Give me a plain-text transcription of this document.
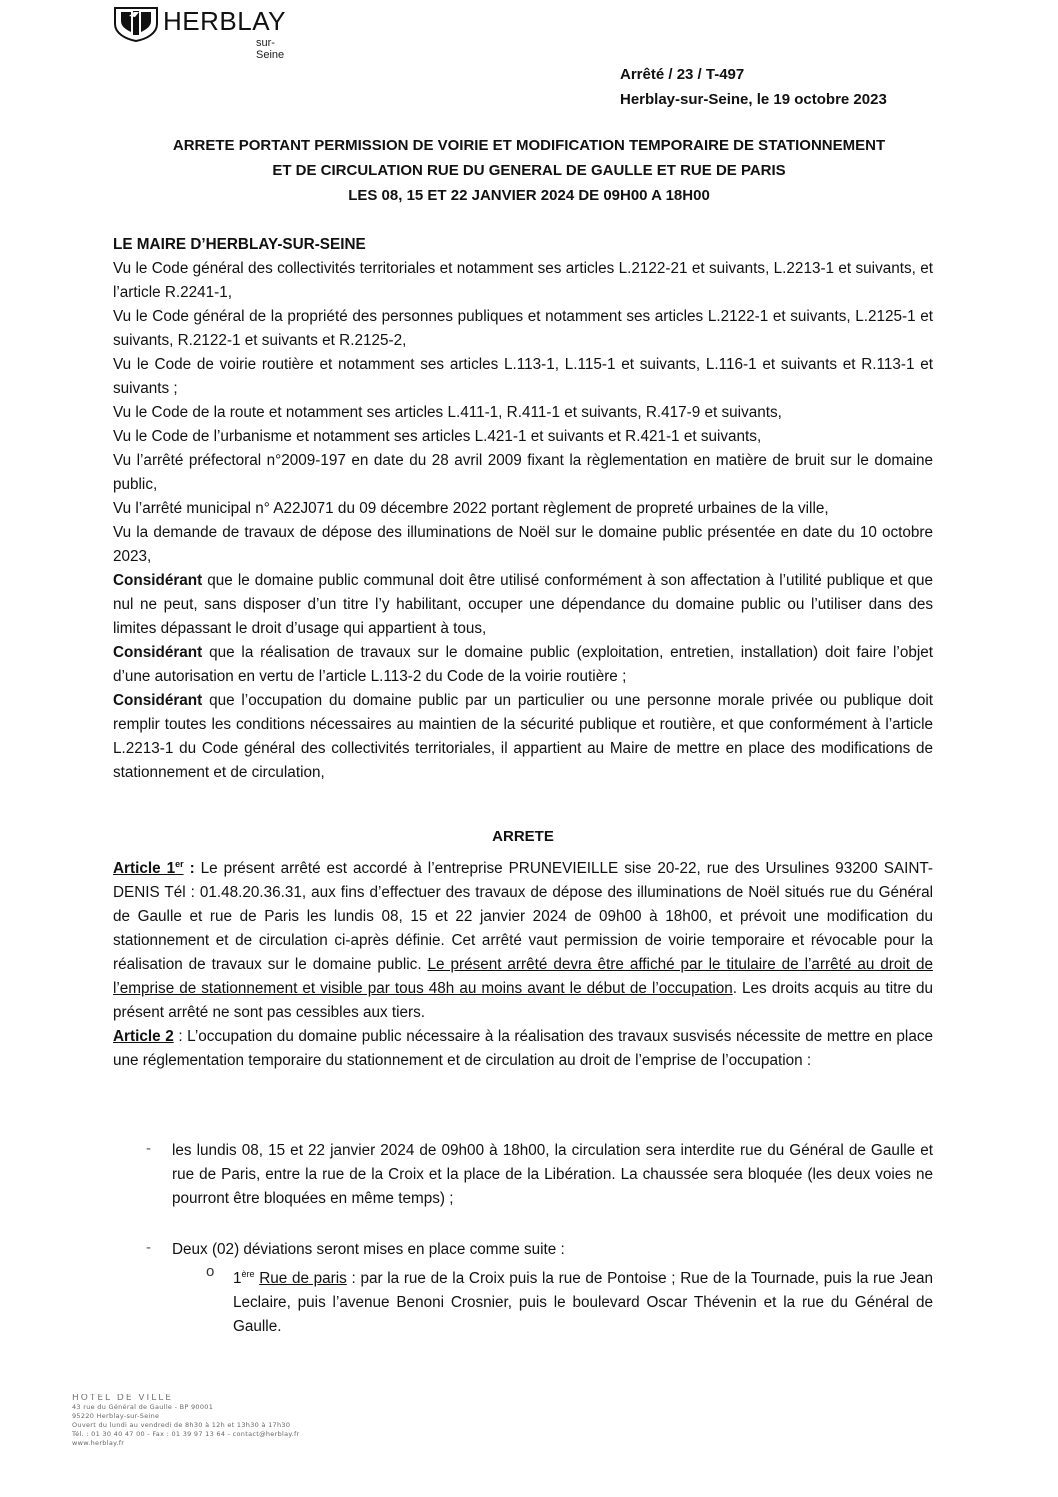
HERBLAY
sur-Seine
Arrêté / 23 / T-497
Herblay-sur-Seine, le 19 octobre 2023
ARRETE PORTANT PERMISSION DE VOIRIE ET MODIFICATION TEMPORAIRE DE STATIONNEMENT
ET DE CIRCULATION RUE DU GENERAL DE GAULLE ET RUE DE PARIS
LES 08, 15 ET 22 JANVIER 2024 DE 09H00 A 18H00

LE MAIRE D’HERBLAY-SUR-SEINE

Vu le Code général des collectivités territoriales et notamment ses articles L.2122-21 et suivants, L.2213-1 et suivants, et l’article R.2241-1,

Vu le Code général de la propriété des personnes publiques et notamment ses articles L.2122-1 et suivants, L.2125-1 et suivants, R.2122-1 et suivants et R.2125-2,

Vu le Code de voirie routière et notamment ses articles L.113-1, L.115-1 et suivants, L.116-1 et suivants et R.113-1 et suivants ;

Vu le Code de la route et notamment ses articles L.411-1, R.411-1 et suivants, R.417-9 et suivants,

Vu le Code de l’urbanisme et notamment ses articles L.421-1 et suivants et R.421-1 et suivants,

Vu l’arrêté préfectoral n°2009-197 en date du 28 avril 2009 fixant la règlementation en matière de bruit sur le domaine public,

Vu l’arrêté municipal n° A22J071 du 09 décembre 2022 portant règlement de propreté urbaines de la ville,

Vu la demande de travaux de dépose des illuminations de Noël sur le domaine public présentée en date du 10 octobre 2023,

Considérant que le domaine public communal doit être utilisé conformément à son affectation à l’utilité publique et que nul ne peut, sans disposer d’un titre l’y habilitant, occuper une dépendance du domaine public ou l’utiliser dans des limites dépassant le droit d’usage qui appartient à tous,

Considérant que la réalisation de travaux sur le domaine public (exploitation, entretien, installation) doit faire l’objet d’une autorisation en vertu de l’article L.113-2 du Code de la voirie routière ;

Considérant que l’occupation du domaine public par un particulier ou une personne morale privée ou publique doit remplir toutes les conditions nécessaires au maintien de la sécurité publique et routière, et que conformément à l’article L.2213-1 du Code général des collectivités territoriales, il appartient au Maire de mettre en place des modifications de stationnement et de circulation,

ARRETE

Article 1er : Le présent arrêté est accordé à l’entreprise PRUNEVIEILLE sise 20-22, rue des Ursulines 93200 SAINT-DENIS Tél : 01.48.20.36.31, aux fins d’effectuer des travaux de dépose des illuminations de Noël situés rue du Général de Gaulle et rue de Paris les lundis 08, 15 et 22 janvier 2024 de 09h00 à 18h00, et prévoit une modification du stationnement et de circulation ci-après définie. Cet arrêté vaut permission de voirie temporaire et révocable pour la réalisation de travaux sur le domaine public. Le présent arrêté devra être affiché par le titulaire de l’arrêté au droit de l’emprise de stationnement et visible par tous 48h au moins avant le début de l’occupation. Les droits acquis au titre du présent arrêté ne sont pas cessibles aux tiers.

Article 2 : L’occupation du domaine public nécessaire à la réalisation des travaux susvisés nécessite de mettre en place une réglementation temporaire du stationnement et de circulation au droit de l’emprise de l’occupation :

- les lundis 08, 15 et 22 janvier 2024 de 09h00 à 18h00, la circulation sera interdite rue du Général de Gaulle et rue de Paris, entre la rue de la Croix et la place de la Libération. La chaussée sera bloquée (les deux voies ne pourront être bloquées en même temps) ;
- Deux (02) déviations seront mises en place comme suite :
o 1ère Rue de paris : par la rue de la Croix puis la rue de Pontoise ; Rue de la Tournade, puis la rue Jean Leclaire, puis l’avenue Benoni Crosnier, puis le boulevard Oscar Thévenin et la rue du Général de Gaulle.
HOTEL DE VILLE
43 rue du Général de Gaulle - BP 90001
95220 Herblay-sur-Seine
Ouvert du lundi au vendredi de 8h30 à 12h et 13h30 à 17h30
Tél. : 01 30 40 47 00 - Fax : 01 39 97 13 64 - contact@herblay.fr
www.herblay.fr
